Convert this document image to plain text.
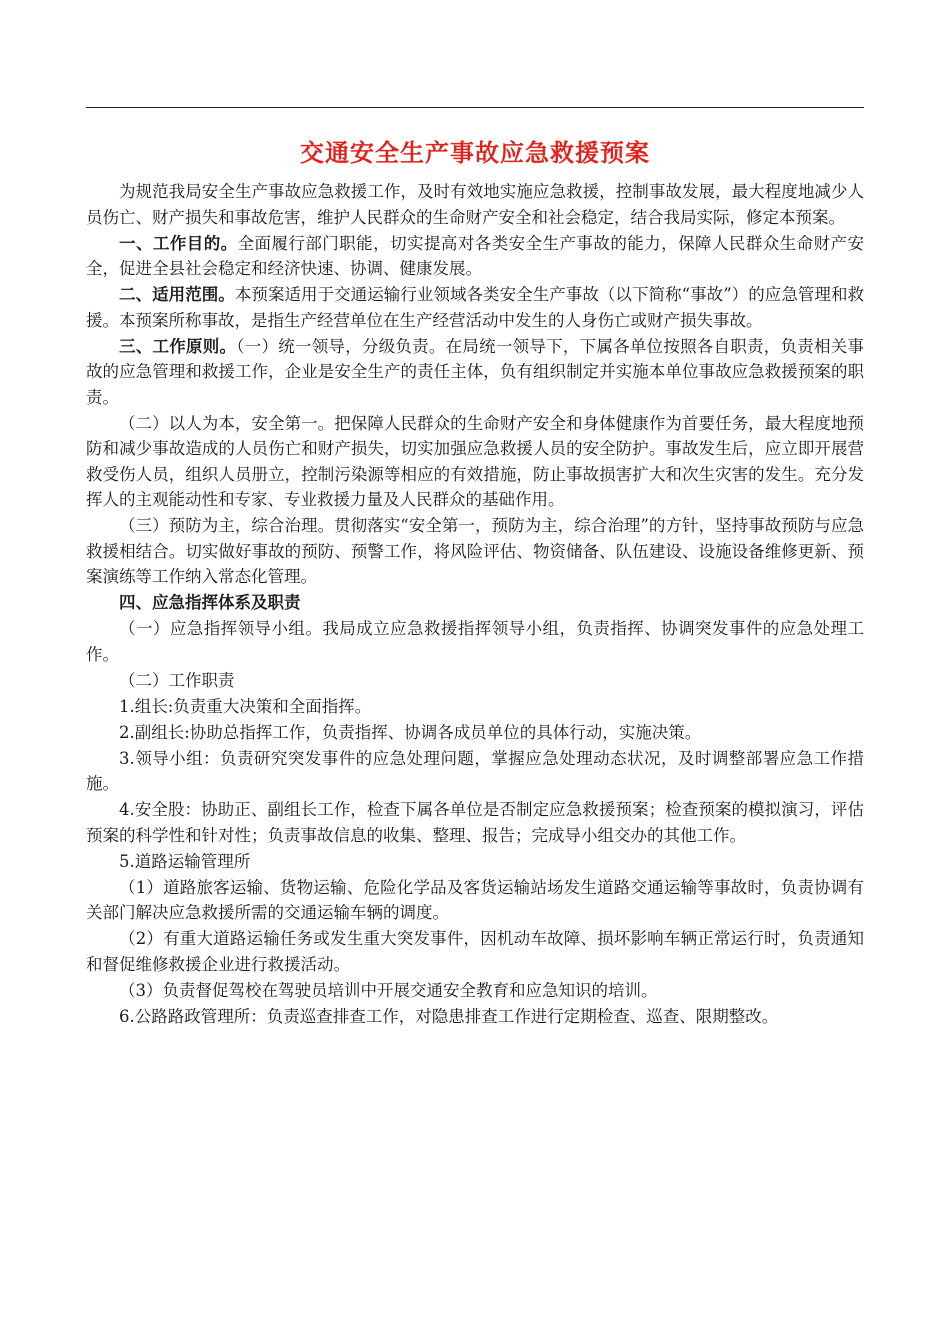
交通安全生产事故应急救援预案
为规范我局安全生产事故应急救援工作，及时有效地实施应急救援，控制事故发展，最大程度地减少人员伤亡、财产损失和事故危害，维护人民群众的生命财产安全和社会稳定，结合我局实际，修定本预案。
一、工作目的。全面履行部门职能，切实提高对各类安全生产事故的能力，保障人民群众生命财产安全，促进全县社会稳定和经济快速、协调、健康发展。
二、适用范围。本预案适用于交通运输行业领域各类安全生产事故（以下简称“事故”）的应急管理和救援。本预案所称事故，是指生产经营单位在生产经营活动中发生的人身伤亡或财产损失事故。
三、工作原则。（一）统一领导，分级负责。在局统一领导下，下属各单位按照各自职责，负责相关事故的应急管理和救援工作，企业是安全生产的责任主体，负有组织制定并实施本单位事故应急救援预案的职责。
（二）以人为本，安全第一。把保障人民群众的生命财产安全和身体健康作为首要任务，最大程度地预防和减少事故造成的人员伤亡和财产损失，切实加强应急救援人员的安全防护。事故发生后，应立即开展营救受伤人员，组织人员册立，控制污染源等相应的有效措施，防止事故损害扩大和次生灾害的发生。充分发挥人的主观能动性和专家、专业救援力量及人民群众的基础作用。
（三）预防为主，综合治理。贯彻落实“安全第一，预防为主，综合治理”的方针，坚持事故预防与应急救援相结合。切实做好事故的预防、预警工作，将风险评估、物资储备、队伍建设、设施设备维修更新、预案演练等工作纳入常态化管理。
四、应急指挥体系及职责
（一）应急指挥领导小组。我局成立应急救援指挥领导小组，负责指挥、协调突发事件的应急处理工作。
（二）工作职责
1.组长:负责重大决策和全面指挥。
2.副组长:协助总指挥工作，负责指挥、协调各成员单位的具体行动，实施决策。
3.领导小组：负责研究突发事件的应急处理问题，掌握应急处理动态状况，及时调整部署应急工作措施。
4.安全股：协助正、副组长工作，检查下属各单位是否制定应急救援预案；检查预案的模拟演习，评估预案的科学性和针对性；负责事故信息的收集、整理、报告；完成导小组交办的其他工作。
5.道路运输管理所
（1）道路旅客运输、货物运输、危险化学品及客货运输站场发生道路交通运输等事故时，负责协调有关部门解决应急救援所需的交通运输车辆的调度。
（2）有重大道路运输任务或发生重大突发事件，因机动车故障、损坏影响车辆正常运行时，负责通知和督促维修救援企业进行救援活动。
（3）负责督促驾校在驾驶员培训中开展交通安全教育和应急知识的培训。
6.公路路政管理所：负责巡查排查工作，对隐患排查工作进行定期检查、巡查、限期整改。
